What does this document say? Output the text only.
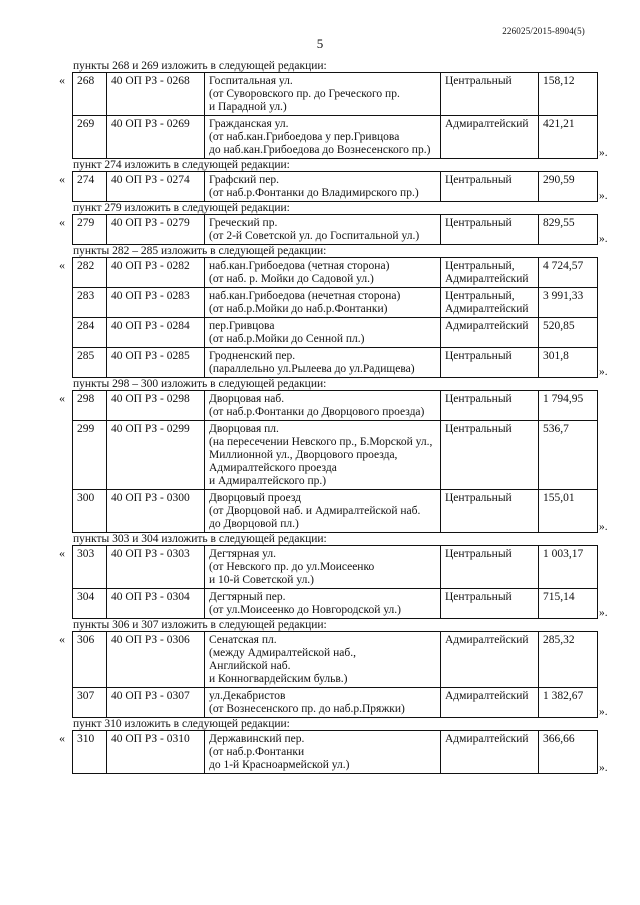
226025/2015-8904(5)
5
пункты 268 и 269 изложить в следующей редакции:
« 268	40 ОП РЗ - 0268	Госпитальная ул.
(от Суворовского пр. до Греческого пр.
и Парадной ул.)	Центральный	158,12
269	40 ОП РЗ - 0269	Гражданская ул.
(от наб.кан.Грибоедова у пер.Гривцова
до наб.кан.Грибоедова до Вознесенского пр.)	Адмиралтейский	421,21
».
пункт 274 изложить в следующей редакции:
« 274	40 ОП РЗ - 0274	Графский пер.
(от наб.р.Фонтанки до Владимирского пр.)

Центральный	290,59
».
пункт 279 изложить в следующей редакции:
« 279	40 ОП РЗ - 0279	Греческий пр.
(от 2-й Советской ул. до Госпитальной ул.)

Центральный	829,55
».
пункты 282 – 285 изложить в следующей редакции:
« 282	40 ОП РЗ - 0282	наб.кан.Грибоедова (четная сторона)
(от наб. р. Мойки до Садовой ул.)	Центральный,
Адмиралтейский	4 724,57
283	40 ОП РЗ - 0283	наб.кан.Грибоедова (нечетная сторона)
(от наб.р.Мойки до наб.р.Фонтанки)	Центральный,
Адмиралтейский	3 991,33
284	40 ОП РЗ - 0284	пер.Гривцова
(от наб.р.Мойки до Сенной пл.)	Адмиралтейский	520,85
285	40 ОП РЗ - 0285	Гродненский пер.
(параллельно ул.Рылеева до ул.Радищева)	Центральный	301,8
».
пункты 298 – 300 изложить в следующей редакции:
« 298	40 ОП РЗ - 0298	Дворцовая наб.
(от наб.р.Фонтанки до Дворцового проезда)	Центральный	1 794,95
299	40 ОП РЗ - 0299	Дворцовая пл.
(на пересечении Невского пр., Б.Морской ул.,
Миллионной ул., Дворцового проезда,
Адмиралтейского проезда
и Адмиралтейского пр.)	Центральный	536,7
300	40 ОП РЗ - 0300	Дворцовый проезд
(от Дворцовой наб. и Адмиралтейской наб.
до Дворцовой пл.)	Центральный	155,01
».
пункты 303 и 304 изложить в следующей редакции:
« 303	40 ОП РЗ - 0303	Дегтярная ул.
(от Невского пр. до ул.Моисеенко
и 10-й Советской ул.)	Центральный	1 003,17
304	40 ОП РЗ - 0304	Дегтярный пер.
(от ул.Моисеенко до Новгородской ул.)	Центральный	715,14
».
пункты 306 и 307 изложить в следующей редакции:
« 306	40 ОП РЗ - 0306	Сенатская пл.
(между Адмиралтейской наб.,
Английской наб.
и Конногвардейским бульв.)	Адмиралтейский	285,32
307	40 ОП РЗ - 0307	ул.Декабристов
(от Вознесенского пр. до наб.р.Пряжки)	Адмиралтейский	1 382,67
».
пункт 310 изложить в следующей редакции:
« 310	40 ОП РЗ - 0310	Державинский пер.
(от наб.р.Фонтанки
до 1-й Красноармейской ул.)

Адмиралтейский	366,66
».
